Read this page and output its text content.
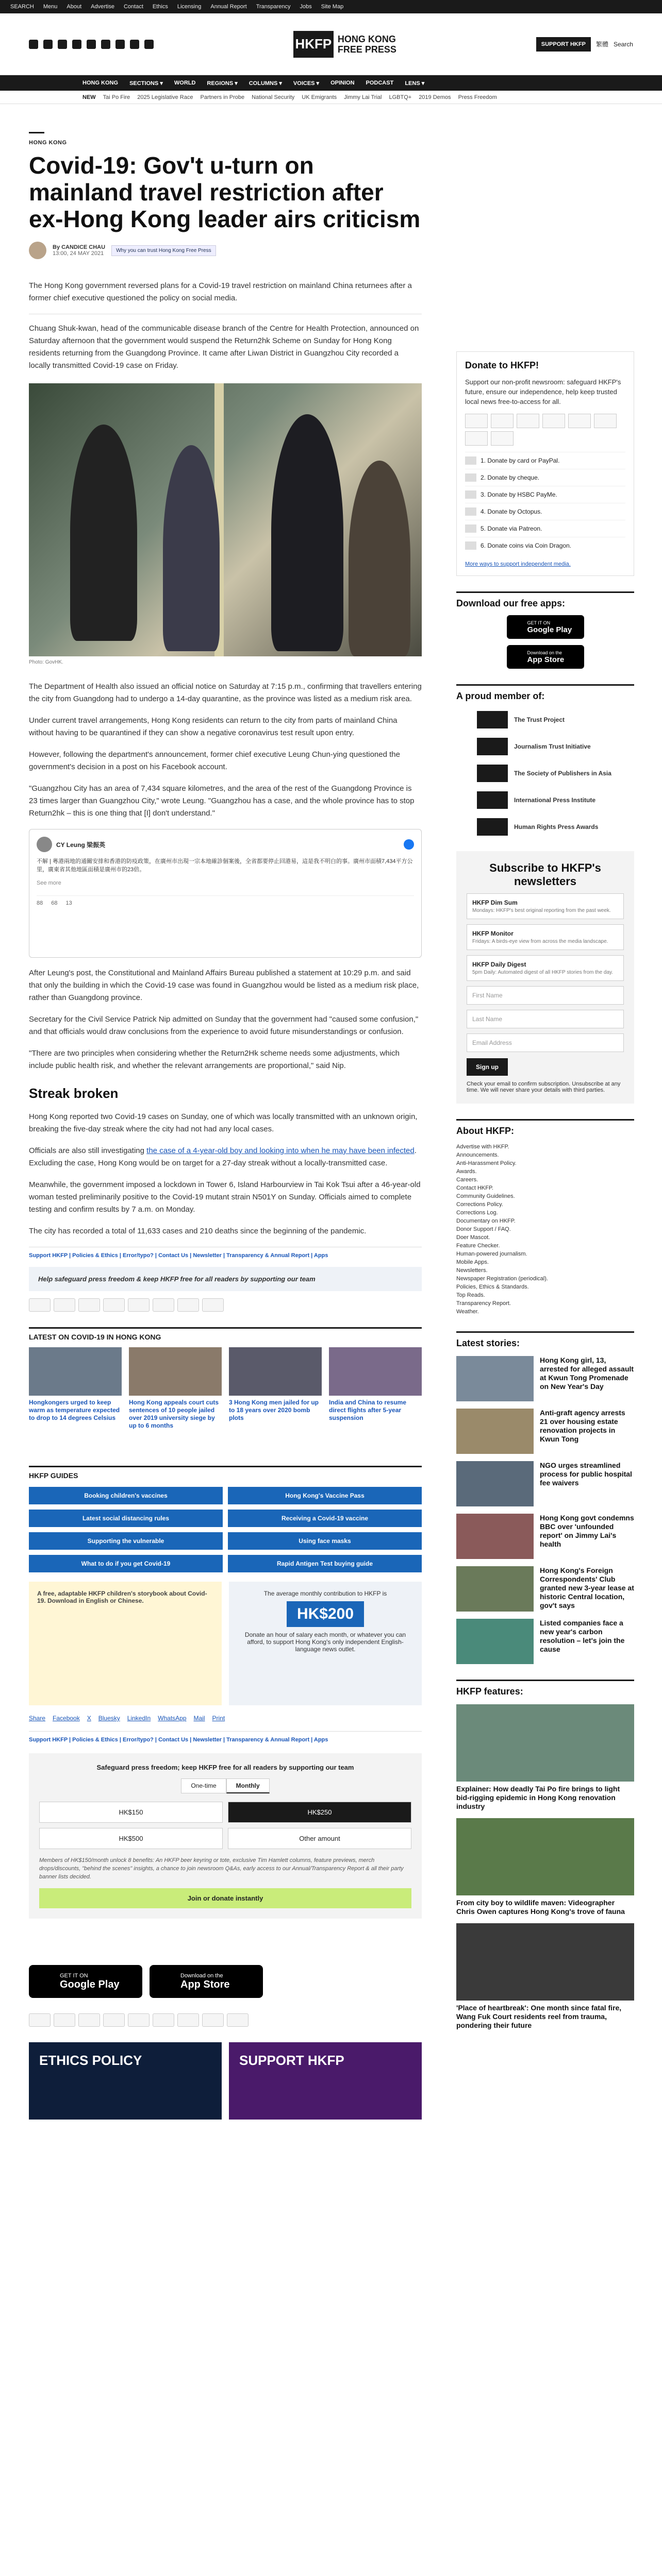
SEARCH Menu About Advertise Contact Ethics Licensing Annual Report Transparency Jobs Site Map
HKFP HONG KONG
FREE PRESS	SUPPORT HKFP	繁體 Search
HONG KONG SECTIONS ▾ WORLD REGIONS ▾ COLUMNS ▾ VOICES ▾ OPINION PODCAST LENS ▾
NEW Tai Po Fire 2025 Legislative Race Partners in Probe National Security UK Emigrants Jimmy Lai Trial LGBTQ+ 2019 Demos Press Freedom
HONG KONG
Covid-19: Gov't u-turn on mainland travel restriction after ex-Hong Kong leader airs criticism
By CANDICE CHAU
13:00, 24 MAY 2021	Why you can trust Hong Kong Free Press

The Hong Kong government reversed plans for a Covid-19 travel restriction on mainland China returnees after a former chief executive questioned the policy on social media.

Chuang Shuk-kwan, head of the communicable disease branch of the Centre for Health Protection, announced on Saturday afternoon that the government would suspend the Return2hk Scheme on Sunday for Hong Kong residents returning from the Guangdong Province. It came after Liwan District in Guangzhou City recorded a locally transmitted Covid-19 case on Friday.

Photo: GovHK.

The Department of Health also issued an official notice on Saturday at 7:15 p.m., confirming that travellers entering the city from Guangdong had to undergo a 14-day quarantine, as the province was listed as a medium risk area.

Under current travel arrangements, Hong Kong residents can return to the city from parts of mainland China without having to be quarantined if they can show a negative coronavirus test result upon entry.

However, following the department's announcement, former chief executive Leung Chun-ying questioned the government's decision in a post on his Facebook account.

"Guangzhou City has an area of 7,434 square kilometres, and the area of the rest of the Guangdong Province is 23 times larger than Guangzhou City," wrote Leung. "Guangzhou has a case, and the whole province has to stop Return2hk – this is one thing that [I] don't understand."

CY Leung 梁振英
不解 | 粵港兩地的通關安排和香港的防疫政策，在廣州市出現一宗本地確診個案後，全省都要停止回港易，這是我不明白的事。廣州市面積7,434平方公里，廣東省其他地區面積是廣州市的23倍。
See more
88 68 13

After Leung's post, the Constitutional and Mainland Affairs Bureau published a statement at 10:29 p.m. and said that only the building in which the Covid-19 case was found in Guangzhou would be listed as a medium risk place, rather than Guangdong province.

Secretary for the Civil Service Patrick Nip admitted on Sunday that the government had "caused some confusion," and that officials would draw conclusions from the experience to avoid future misunderstandings or confusion.

"There are two principles when considering whether the Return2Hk scheme needs some adjustments, which include public health risk, and whether the relevant arrangements are proportional," said Nip.

Streak broken

Hong Kong reported two Covid-19 cases on Sunday, one of which was locally transmitted with an unknown origin, breaking the five-day streak where the city had not had any local cases.

Officials are also still investigating the case of a 4-year-old boy and looking into when he may have been infected. Excluding the case, Hong Kong would be on target for a 27-day streak without a locally-transmitted case.

Meanwhile, the government imposed a lockdown in Tower 6, Island Harbourview in Tai Kok Tsui after a 46-year-old woman tested preliminarily positive to the Covid-19 mutant strain N501Y on Sunday. Officials aimed to complete testing and confirm results by 7 a.m. on Monday.

The city has recorded a total of 11,633 cases and 210 deaths since the beginning of the pandemic.

Support HKFP | Policies & Ethics | Error/typo? | Contact Us | Newsletter | Transparency & Annual Report | Apps
Help safeguard press freedom & keep HKFP free for all readers by supporting our team
LATEST ON COVID-19 IN HONG KONG
Hongkongers urged to keep warm as temperature expected to drop to 14 degrees Celsius
Hong Kong appeals court cuts sentences of 10 people jailed over 2019 university siege by up to 6 months
3 Hong Kong men jailed for up to 18 years over 2020 bomb plots
India and China to resume direct flights after 5-year suspension
HKFP GUIDES
Booking children's vaccines	Hong Kong's Vaccine Pass
Latest social distancing rules	Receiving a Covid-19 vaccine
Supporting the vulnerable	Using face masks
What to do if you get Covid-19	Rapid Antigen Test buying guide
A free, adaptable HKFP children's storybook about Covid-19. Download in English or Chinese.
The average monthly contribution to HKFP is
HK$200
Donate an hour of salary each month, or whatever you can afford, to support Hong Kong's only independent English-language news outlet.
Share Facebook X Bluesky LinkedIn WhatsApp Mail Print
Support HKFP | Policies & Ethics | Error/typo? | Contact Us | Newsletter | Transparency & Annual Report | Apps
Safeguard press freedom; keep HKFP free for all readers by supporting our team
One-time	Monthly
HK$150	HK$250
HK$500	Other amount
Members of HK$150/month unlock 8 benefits: An HKFP beer keyring or tote, exclusive Tim Hamlett columns, feature previews, merch drops/discounts, "behind the scenes" insights, a chance to join newsroom Q&As, early access to our Annual/Transparency Report & all their party banner lists decided.
Join or donate instantly
GET IT ON
Google Play
Download on the
App Store
ETHICS POLICY	SUPPORT HKFP
Donate to HKFP!

Support our non-profit newsroom: safeguard HKFP's future, ensure our independence, help keep trusted local news free-to-access for all.

1. Donate by card or PayPal.
2. Donate by cheque.
3. Donate by HSBC PayMe.
4. Donate by Octopus.
5. Donate via Patreon.
6. Donate coins via Coin Dragon.
More ways to support independent media.
Download our free apps:
GET IT ON
Google Play
Download on the
App Store
A proud member of:
The Trust Project
Journalism Trust Initiative
The Society of Publishers in Asia
International Press Institute
Human Rights Press Awards
Subscribe to HKFP's newsletters
HKFP Dim Sum
Mondays: HKFP's best original reporting from the past week.
HKFP Monitor
Fridays: A birds-eye view from across the media landscape.
HKFP Daily Digest
5pm Daily: Automated digest of all HKFP stories from the day.
First Name
Last Name
Email Address
Sign up
Check your email to confirm subscription. Unsubscribe at any time. We will never share your details with third parties.
About HKFP:
Advertise with HKFP.
Announcements.
Anti-Harassment Policy.
Awards.
Careers.
Contact HKFP.
Community Guidelines.
Corrections Policy.
Corrections Log.
Documentary on HKFP.
Donor Support / FAQ.
Doer Mascot.
Feature Checker.
Human-powered journalism.
Mobile Apps.
Newsletters.
Newspaper Registration (periodical).
Policies, Ethics & Standards.
Top Reads.
Transparency Report.
Weather.
Latest stories:
Hong Kong girl, 13, arrested for alleged assault at Kwun Tong Promenade on New Year's Day
Anti-graft agency arrests 21 over housing estate renovation projects in Kwun Tong
NGO urges streamlined process for public hospital fee waivers
Hong Kong govt condemns BBC over 'unfounded report' on Jimmy Lai's health
Hong Kong's Foreign Correspondents' Club granted new 3-year lease at historic Central location, gov't says
Listed companies face a new year's carbon resolution – let's join the cause
HKFP features:
Explainer: How deadly Tai Po fire brings to light bid-rigging epidemic in Hong Kong renovation industry
From city boy to wildlife maven: Videographer Chris Owen captures Hong Kong's trove of fauna
'Place of heartbreak': One month since fatal fire, Wang Fuk Court residents reel from trauma, pondering their future
